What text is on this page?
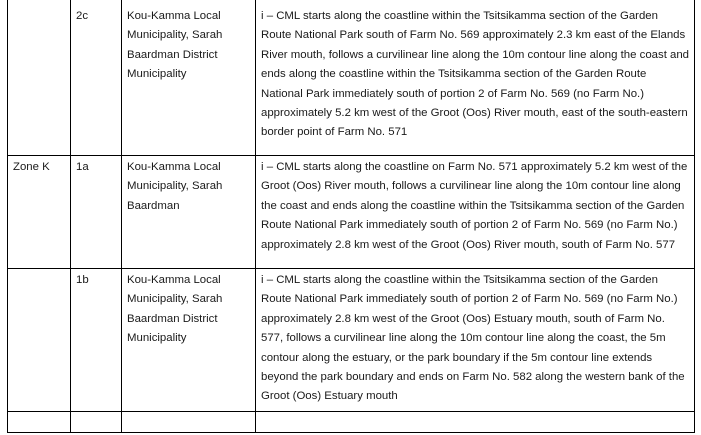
	2c	Kou-Kamma Local Municipality, Sarah Baardman District Municipality	i – CML starts along the coastline within the Tsitsikamma section of the Garden Route National Park south of Farm No. 569 approximately 2.3 km east of the Elands River mouth, follows a curvilinear line along the 10m contour line along the coast and ends along the coastline within the Tsitsikamma section of the Garden Route National Park immediately south of portion 2 of Farm No. 569 (no Farm No.) approximately 5.2 km west of the Groot (Oos) River mouth, east of the south-eastern border point of Farm No. 571
Zone K	1a	Kou-Kamma Local Municipality, Sarah Baardman	i – CML starts along the coastline on Farm No. 571 approximately 5.2 km west of the Groot (Oos) River mouth, follows a curvilinear line along the 10m contour line along the coast and ends along the coastline within the Tsitsikamma section of the Garden Route National Park immediately south of portion 2 of Farm No. 569 (no Farm No.) approximately 2.8 km west of the Groot (Oos) River mouth, south of Farm No. 577
	1b	Kou-Kamma Local Municipality, Sarah Baardman District Municipality	i – CML starts along the coastline within the Tsitsikamma section of the Garden Route National Park immediately south of portion 2 of Farm No. 569 (no Farm No.) approximately 2.8 km west of the Groot (Oos) Estuary mouth, south of Farm No. 577, follows a curvilinear line along the 10m contour line along the coast, the 5m contour along the estuary, or the park boundary if the 5m contour line extends beyond the park boundary and ends on Farm No. 582 along the western bank of the Groot (Oos) Estuary mouth
